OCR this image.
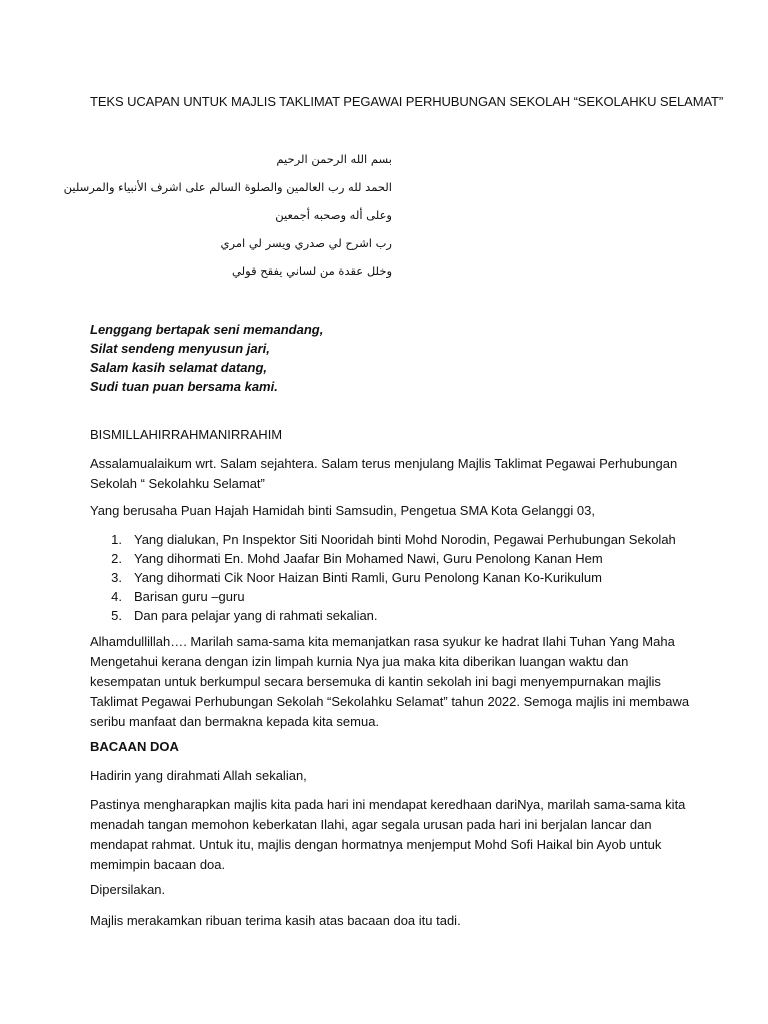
TEKS UCAPAN UNTUK MAJLIS TAKLIMAT PEGAWAI PERHUBUNGAN SEKOLAH “SEKOLAHKU SELAMAT”
بسم الله الرحمن الرحيم
الحمد لله رب العالمين والصلوة السالم على اشرف الأنبياء والمرسلين
وعلى أله وصحبه أجمعين
رب اشرح لي صدري ويسر لي امري
وخلل عقدة من لساني يفقح قولي
Lenggang bertapak seni memandang,
Silat sendeng menyusun jari,
Salam kasih selamat datang,
Sudi tuan puan bersama kami.
BISMILLAHIRRAHMANIRRAHIM
Assalamualaikum wrt. Salam sejahtera. Salam terus menjulang Majlis Taklimat Pegawai Perhubungan
Sekolah “ Sekolahku Selamat”
Yang berusaha Puan Hajah Hamidah binti Samsudin, Pengetua SMA Kota Gelanggi 03,
1. Yang dialukan, Pn Inspektor Siti Nooridah binti Mohd Norodin, Pegawai Perhubungan Sekolah
2. Yang dihormati En. Mohd Jaafar Bin Mohamed Nawi, Guru Penolong Kanan Hem
3. Yang dihormati Cik Noor Haizan Binti Ramli, Guru Penolong Kanan Ko-Kurikulum
4. Barisan guru –guru
5. Dan para pelajar yang di rahmati sekalian.
Alhamdullillah…. Marilah sama-sama kita memanjatkan rasa syukur ke hadrat Ilahi Tuhan Yang Maha
Mengetahui kerana dengan izin limpah kurnia Nya jua maka kita diberikan luangan waktu dan
kesempatan untuk berkumpul secara bersemuka di kantin sekolah ini bagi menyempurnakan majlis
Taklimat Pegawai Perhubungan Sekolah “Sekolahku Selamat” tahun 2022. Semoga majlis ini membawa
seribu manfaat dan bermakna kepada kita semua.
BACAAN DOA
Hadirin yang dirahmati Allah sekalian,
Pastinya mengharapkan majlis kita pada hari ini mendapat keredhaan dariNya, marilah sama-sama kita
menadah tangan memohon keberkatan Ilahi, agar segala urusan pada hari ini berjalan lancar dan
mendapat rahmat. Untuk itu, majlis dengan hormatnya menjemput Mohd Sofi Haikal bin Ayob untuk
memimpin bacaan doa.
Dipersilakan.
Majlis merakamkan ribuan terima kasih atas bacaan doa itu tadi.
